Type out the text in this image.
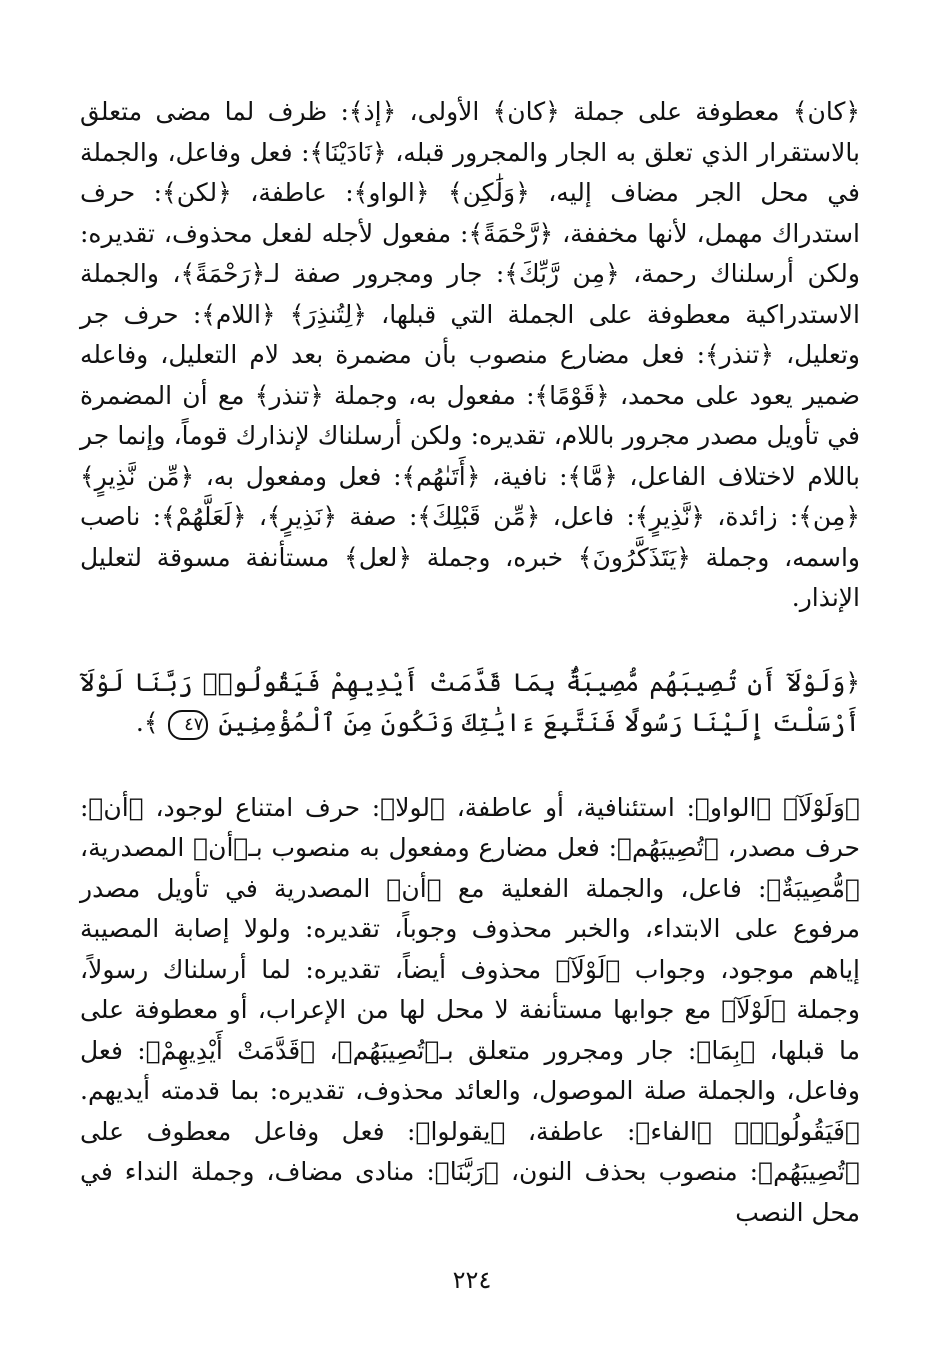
﴿كان﴾ معطوفة على جملة ﴿كان﴾ الأولى، ﴿إذ﴾: ظرف لما مضى متعلق بالاستقرار الذي تعلق به الجار والمجرور قبله، ﴿نَادَيْنَا﴾: فعل وفاعل، والجملة في محل الجر مضاف إليه، ﴿وَلَٰكِن﴾ ﴿الواو﴾: عاطفة، ﴿لكن﴾: حرف استدراك مهمل، لأنها مخففة، ﴿رَّحْمَةً﴾: مفعول لأجله لفعل محذوف، تقديره: ولكن أرسلناك رحمة، ﴿مِن رَّبِّكَ﴾: جار ومجرور صفة لـ﴿رَحْمَةً﴾، والجملة الاستدراكية معطوفة على الجملة التي قبلها، ﴿لِتُنذِرَ﴾ ﴿اللام﴾: حرف جر وتعليل، ﴿تنذر﴾: فعل مضارع منصوب بأن مضمرة بعد لام التعليل، وفاعله ضمير يعود على محمد، ﴿قَوْمًا﴾: مفعول به، وجملة ﴿تنذر﴾ مع أن المضمرة في تأويل مصدر مجرور باللام، تقديره: ولكن أرسلناك لإنذارك قوماً، وإنما جر باللام لاختلاف الفاعل، ﴿مَّا﴾: نافية، ﴿أَتَىٰهُم﴾: فعل ومفعول به، ﴿مِّن نَّذِيرٍ﴾ ﴿مِن﴾: زائدة، ﴿نَّذِيرٍ﴾: فاعل، ﴿مِّن قَبْلِكَ﴾: صفة ﴿نَذِيرٍ﴾، ﴿لَعَلَّهُمْ﴾: ناصب واسمه، وجملة ﴿يَتَذَكَّرُونَ﴾ خبره، وجملة ﴿لعل﴾ مستأنفة مسوقة لتعليل الإنذار.

﴿وَلَوْلَآ أَن تُصِيبَهُم مُّصِيبَةٌۢ بِمَا قَدَّمَتْ أَيْدِيهِمْ فَيَقُولُوا۟ رَبَّنَا لَوْلَآ أَرْسَلْتَ إِلَيْنَا رَسُولًا فَنَتَّبِعَ ءَايَٰتِكَ وَنَكُونَ مِنَ ٱلْمُؤْمِنِينَ ٤٧ ﴾.

﴿وَلَوْلَآ﴾ ﴿الواو﴾: استئنافية، أو عاطفة، ﴿لولا﴾: حرف امتناع لوجود، ﴿أن﴾: حرف مصدر، ﴿تُصِيبَهُم﴾: فعل مضارع ومفعول به منصوب بـ﴿أن﴾ المصدرية، ﴿مُّصِيبَةٌ﴾: فاعل، والجملة الفعلية مع ﴿أن﴾ المصدرية في تأويل مصدر مرفوع على الابتداء، والخبر محذوف وجوباً، تقديره: ولولا إصابة المصيبة إياهم موجود، وجواب ﴿لَوْلَآ﴾ محذوف أيضاً، تقديره: لما أرسلناك رسولاً، وجملة ﴿لَوْلَآ﴾ مع جوابها مستأنفة لا محل لها من الإعراب، أو معطوفة على ما قبلها، ﴿بِمَا﴾: جار ومجرور متعلق بـ﴿تُصِيبَهُم﴾، ﴿قَدَّمَتْ أَيْدِيهِمْ﴾: فعل وفاعل، والجملة صلة الموصول، والعائد محذوف، تقديره: بما قدمته أيديهم. ﴿فَيَقُولُوا۟﴾ ﴿الفاء﴾: عاطفة، ﴿يقولوا﴾: فعل وفاعل معطوف على ﴿تُصِيبَهُم﴾: منصوب بحذف النون، ﴿رَبَّنَا﴾: منادى مضاف، وجملة النداء في محل النصب

٢٢٤
